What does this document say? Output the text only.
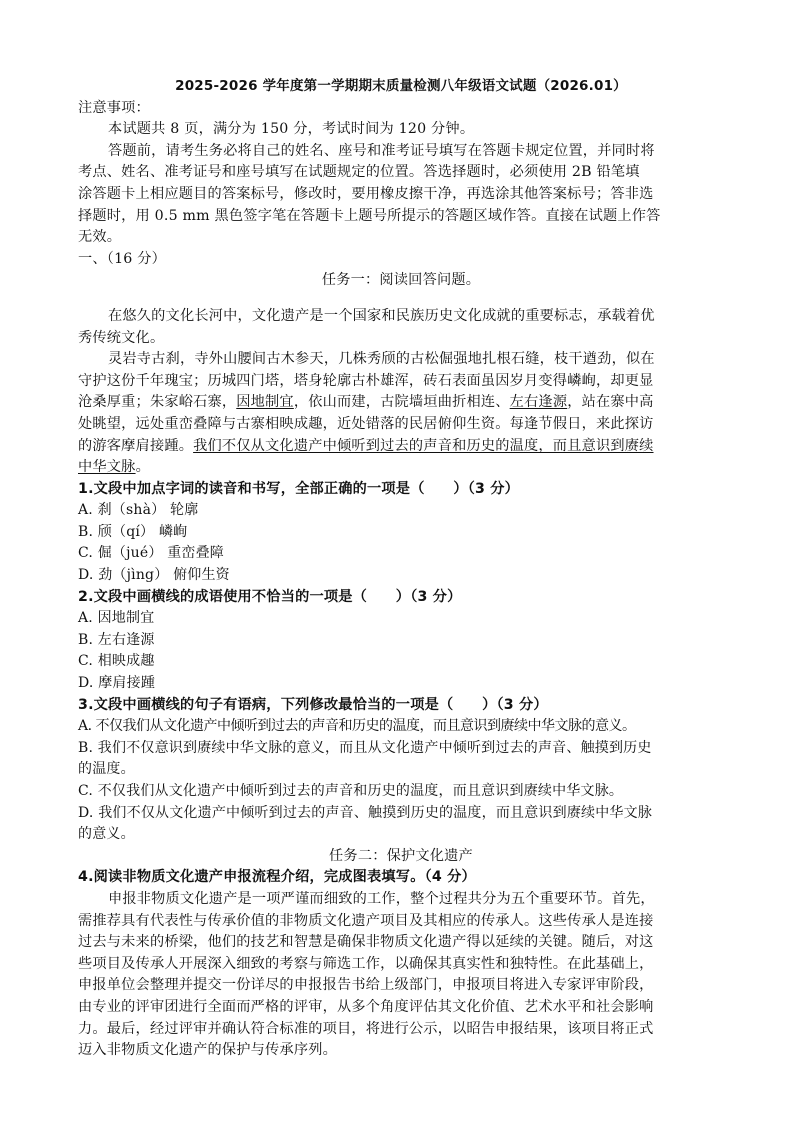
2025-2026 学年度第一学期期末质量检测八年级语文试题（2026.01）
注意事项：
本试题共 8 页，满分为 150 分，考试时间为 120 分钟。
答题前，请考生务必将自己的姓名、座号和准考证号填写在答题卡规定位置，并同时将
考点、姓名、准考证号和座号填写在试题规定的位置。答选择题时，必须使用 2B 铅笔填
涂答题卡上相应题目的答案标号，修改时，要用橡皮擦干净，再选涂其他答案标号；答非选
择题时，用 0.5 mm 黑色签字笔在答题卡上题号所提示的答题区域作答。直接在试题上作答
无效。
一、（16 分）
任务一：阅读回答问题。
在悠久的文化长河中，文化遗产是一个国家和民族历史文化成就的重要标志，承载着优
秀传统文化。
灵岩寺古刹，寺外山腰间古木参天，几株秀颀的古松倔强地扎根石缝，枝干遒劲，似在
守护这份千年瑰宝；历城四门塔，塔身轮廓古朴雄浑，砖石表面虽因岁月变得嶙峋，却更显
沧桑厚重；朱家峪石寨，因地制宜，依山而建，古院墙垣曲折相连、左右逢源，站在寨中高
处眺望，远处重峦叠障与古寨相映成趣，近处错落的民居俯仰生资。每逢节假日，来此探访
的游客摩肩接踵。我们不仅从文化遗产中倾听到过去的声音和历史的温度，而且意识到赓续
中华文脉。
1.文段中加点字词的读音和书写，全部正确的一项是（　　）（3 分）
A. 刹（shà） 轮廓
B. 颀（qí） 嶙峋
C. 倔（jué） 重峦叠障
D. 劲（jìng） 俯仰生资
2.文段中画横线的成语使用不恰当的一项是（　　）（3 分）
A. 因地制宜
B. 左右逢源
C. 相映成趣
D. 摩肩接踵
3.文段中画横线的句子有语病，下列修改最恰当的一项是（　　）（3 分）
A. 不仅我们从文化遗产中倾听到过去的声音和历史的温度，而且意识到赓续中华文脉的意义。
B. 我们不仅意识到赓续中华文脉的意义，而且从文化遗产中倾听到过去的声音、触摸到历史
的温度。
C. 不仅我们从文化遗产中倾听到过去的声音和历史的温度，而且意识到赓续中华文脉。
D. 我们不仅从文化遗产中倾听到过去的声音、触摸到历史的温度，而且意识到赓续中华文脉
的意义。
任务二：保护文化遗产
4.阅读非物质文化遗产申报流程介绍，完成图表填写。（4 分）
申报非物质文化遗产是一项严谨而细致的工作，整个过程共分为五个重要环节。首先，
需推荐具有代表性与传承价值的非物质文化遗产项目及其相应的传承人。这些传承人是连接
过去与未来的桥梁，他们的技艺和智慧是确保非物质文化遗产得以延续的关键。随后，对这
些项目及传承人开展深入细致的考察与筛选工作，以确保其真实性和独特性。在此基础上，
申报单位会整理并提交一份详尽的申报报告书给上级部门，申报项目将进入专家评审阶段，
由专业的评审团进行全面而严格的评审，从多个角度评估其文化价值、艺术水平和社会影响
力。最后，经过评审并确认符合标准的项目，将进行公示，以昭告申报结果，该项目将正式
迈入非物质文化遗产的保护与传承序列。
